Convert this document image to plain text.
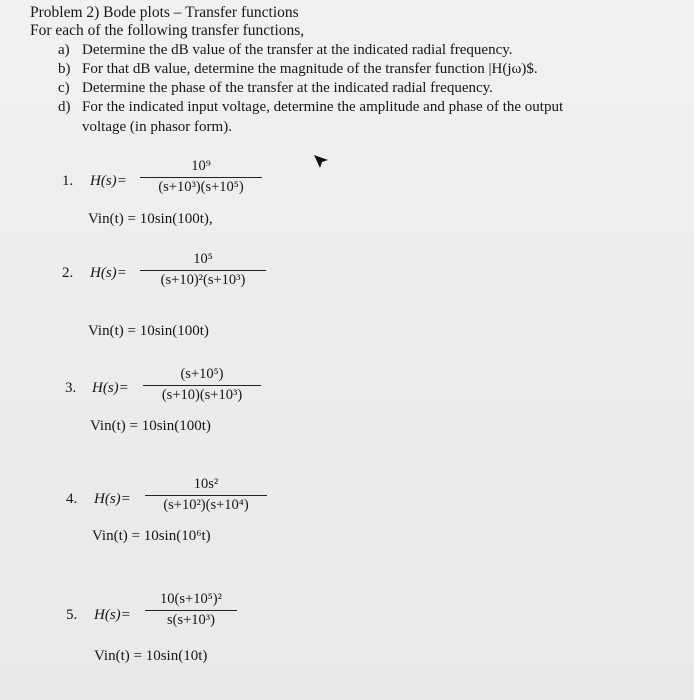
Problem 2) Bode plots – Transfer functions
For each of the following transfer functions,
a) Determine the dB value of the transfer at the indicated radial frequency.
b) For that dB value, determine the magnitude of the transfer function |H(jω)$.
c) Determine the phase of the transfer at the indicated radial frequency.
d) For the indicated input voltage, determine the amplitude and phase of the output
voltage (in phasor form).
1. H(s)=
10⁹
(s+10³)(s+10⁵)
Vin(t) = 10sin(100t),
2. H(s)=
10⁵
(s+10)²(s+10³)
Vin(t) = 10sin(100t)
3. H(s)=
(s+10⁵)
(s+10)(s+10³)
Vin(t) = 10sin(100t)
4. H(s)=
10s²
(s+10²)(s+10⁴)
Vin(t) = 10sin(10⁶t)
5. H(s)=
10(s+10⁵)²
s(s+10³)
Vin(t) = 10sin(10t)
